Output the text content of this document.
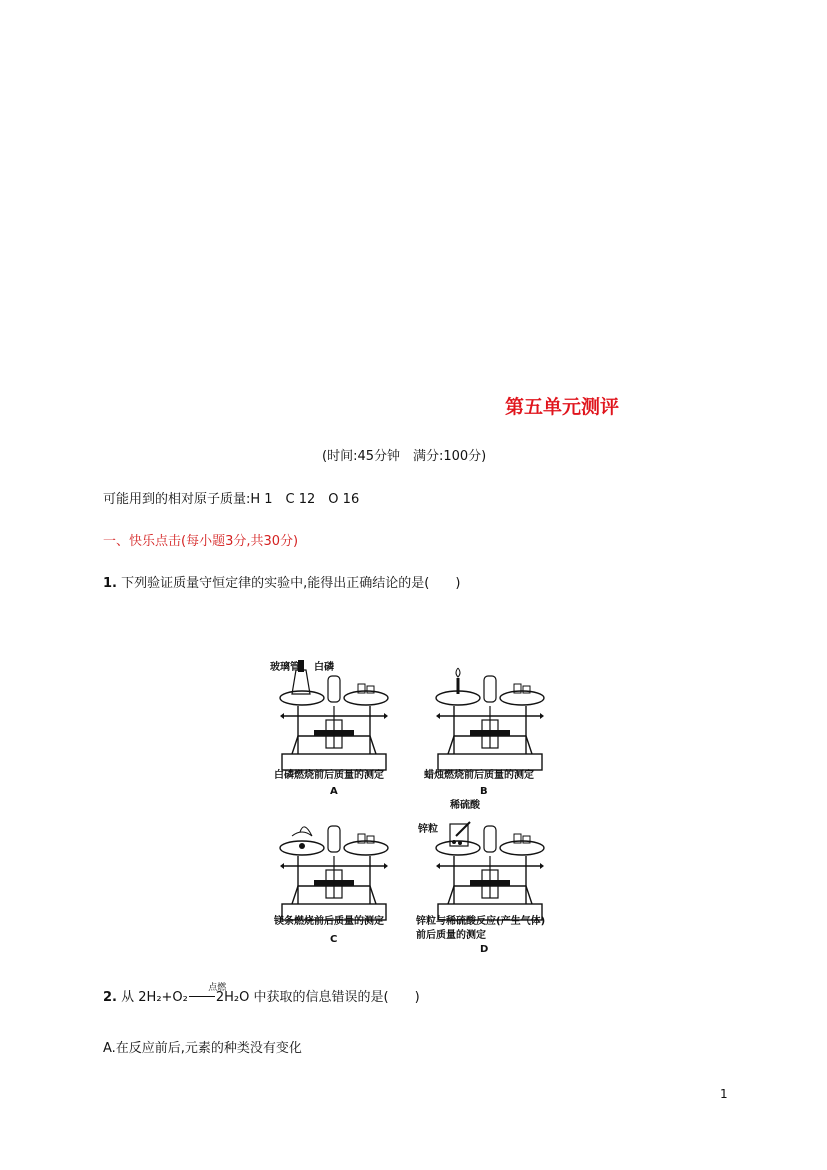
第五单元测评
(时间:45分钟　满分:100分)
可能用到的相对原子质量:H 1　C 12　O 16
一、快乐点击(每小题3分,共30分)
1. 下列验证质量守恒定律的实验中,能得出正确结论的是(　　)
玻璃管 白磷
白磷燃烧前后质量的测定
A
蜡烛燃烧前后质量的测定
B
镁条燃烧前后质量的测定
C
稀硫酸
锌粒
锌粒与稀硫酸反应(产生气体)
前后质量的测定
D
2. 从 2H₂+O₂ 2H₂O
点燃
中获取的信息错误的是(　　)
A.在反应前后,元素的种类没有变化
1
